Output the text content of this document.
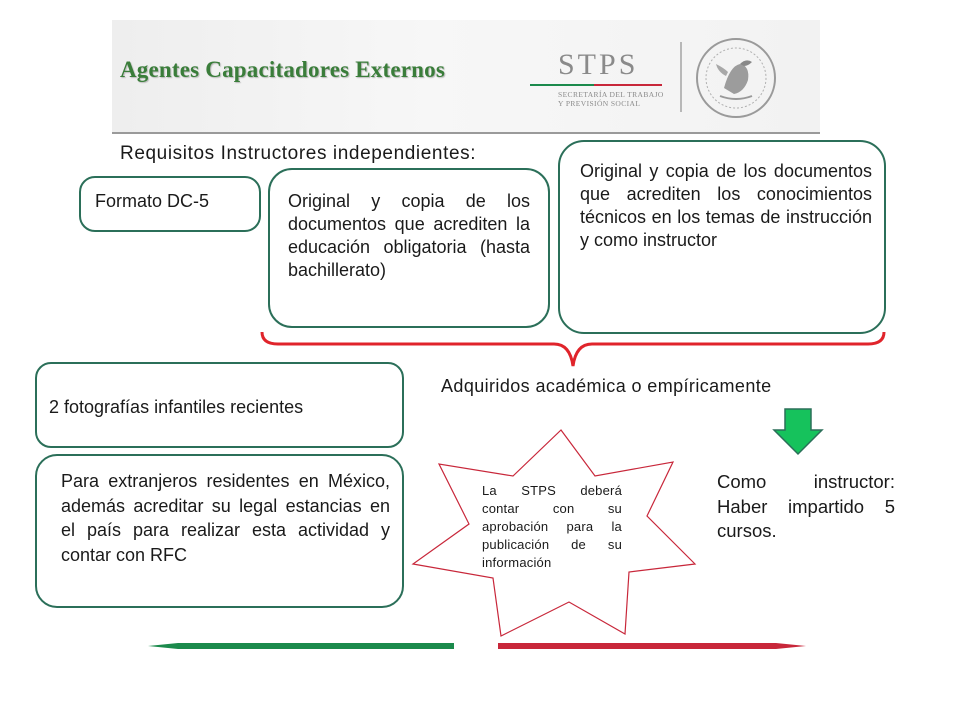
Agentes Capacitadores Externos	STPS
SECRETARÍA DEL TRABAJO
Y PREVISIÓN SOCIAL
Requisitos Instructores independientes:
Formato DC-5	Original y copia de los documentos que acrediten la educación obligatoria (hasta bachillerato)
Original y copia de los documentos que acrediten los conocimientos técnicos en los temas de instrucción y como instructor
Adquiridos académica o empíricamente
2 fotografías infantiles recientes
Para extranjeros residentes en México, además acreditar su legal estancias en el país para realizar esta actividad y contar con RFC
La STPS deberá contar con su aprobación para la publicación de su información
Como instructor: Haber impartido 5 cursos.
